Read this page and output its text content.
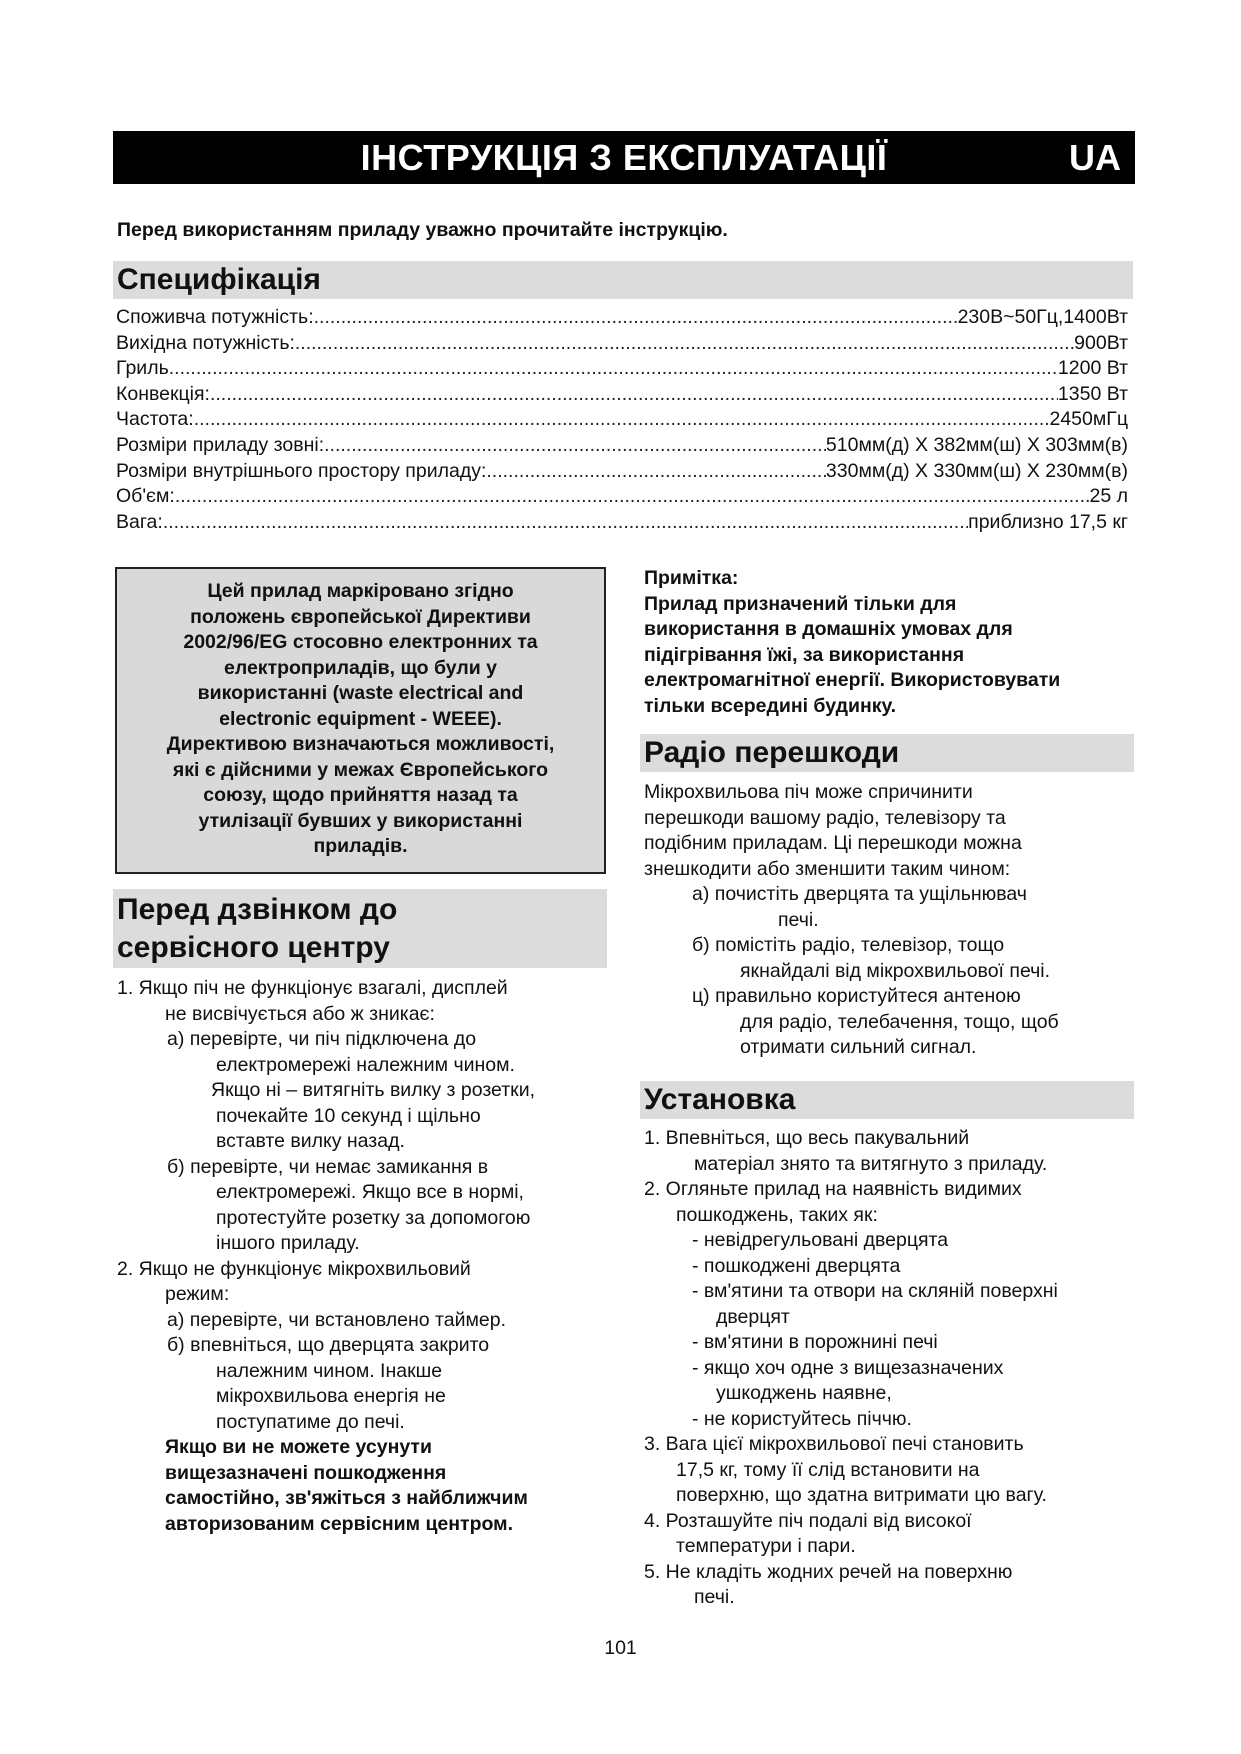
ІНСТРУКЦІЯ З ЕКСПЛУАТАЦІЇ	UA
Перед використанням приладу уважно прочитайте інструкцію.
Специфікація
Споживча потужність: .....	230В~50Гц,1400Вт
Вихідна потужність: .....	900Вт
Гриль .....	1200 Вт
Конвекція: .....	1350 Вт
Частота: .....	2450мГц
Розміри приладу зовні: .....	510мм(д) X 382мм(ш) X 303мм(в)
Розміри внутрішнього простору приладу: .....	330мм(д) X 330мм(ш) X 230мм(в)
Об'єм: .....	25 л
Вага: .....	приблизно 17,5 кг
Цей прилад маркіровано згідно
положень європейської Директиви
2002/96/EG стосовно електронних та
електроприладів, що були у
використанні (waste electrical and
electronic equipment - WEEE).
Директивою визначаються можливості,
які є дійсними у межах Європейського
союзу, щодо прийняття назад та
утилізації бувших у використанні
приладів.
Перед дзвінком до
сервісного центру
1. Якщо піч не функціонує взагалі, дисплей
не висвічується або ж зникає:
а) перевірте, чи піч підключена до
електромережі належним чином.
Якщо ні – витягніть вилку з розетки,
почекайте 10 секунд і щільно
вставте вилку назад.
б) перевірте, чи немає замикання в
електромережі. Якщо все в нормі,
протестуйте розетку за допомогою
іншого приладу.
2. Якщо не функціонує мікрохвильовий
режим:
а) перевірте, чи встановлено таймер.
б) впевніться, що дверцята закрито
належним чином. Інакше
мікрохвильова енергія не
поступатиме до печі.
Якщо ви не можете усунути
вищезазначені пошкодження
самостійно, зв'яжіться з найближчим
авторизованим сервісним центром.
Примітка:
Прилад призначений тільки для
використання в домашніх умовах для
підігрівання їжі, за використання
електромагнітної енергії. Використовувати
тільки всередині будинку.
Радіо перешкоди
Мікрохвильова піч може спричинити
перешкоди вашому радіо, телевізору та
подібним приладам. Ці перешкоди можна
знешкодити або зменшити таким чином:
а) почистіть дверцята та ущільнювач
печі.
б) помістіть радіо, телевізор, тощо
якнайдалі від мікрохвильової печі.
ц) правильно користуйтеся антеною
для радіо, телебачення, тощо, щоб
отримати сильний сигнал.
Установка
1. Впевніться, що весь пакувальний
матеріал знято та витягнуто з приладу.
2. Огляньте прилад на наявність видимих
пошкоджень, таких як:
- невідрегульовані дверцята
- пошкоджені дверцята
- вм'ятини та отвори на скляній поверхні
дверцят
- вм'ятини в порожнині печі
- якщо хоч одне з вищезазначених
ушкоджень наявне,
- не користуйтесь піччю.
3. Вага цієї мікрохвильової печі становить
17,5 кг, тому її слід встановити на
поверхню, що здатна витримати цю вагу.
4. Розташуйте піч подалі від високої
температури і пари.
5. Не кладіть жодних речей на поверхню
печі.
101
